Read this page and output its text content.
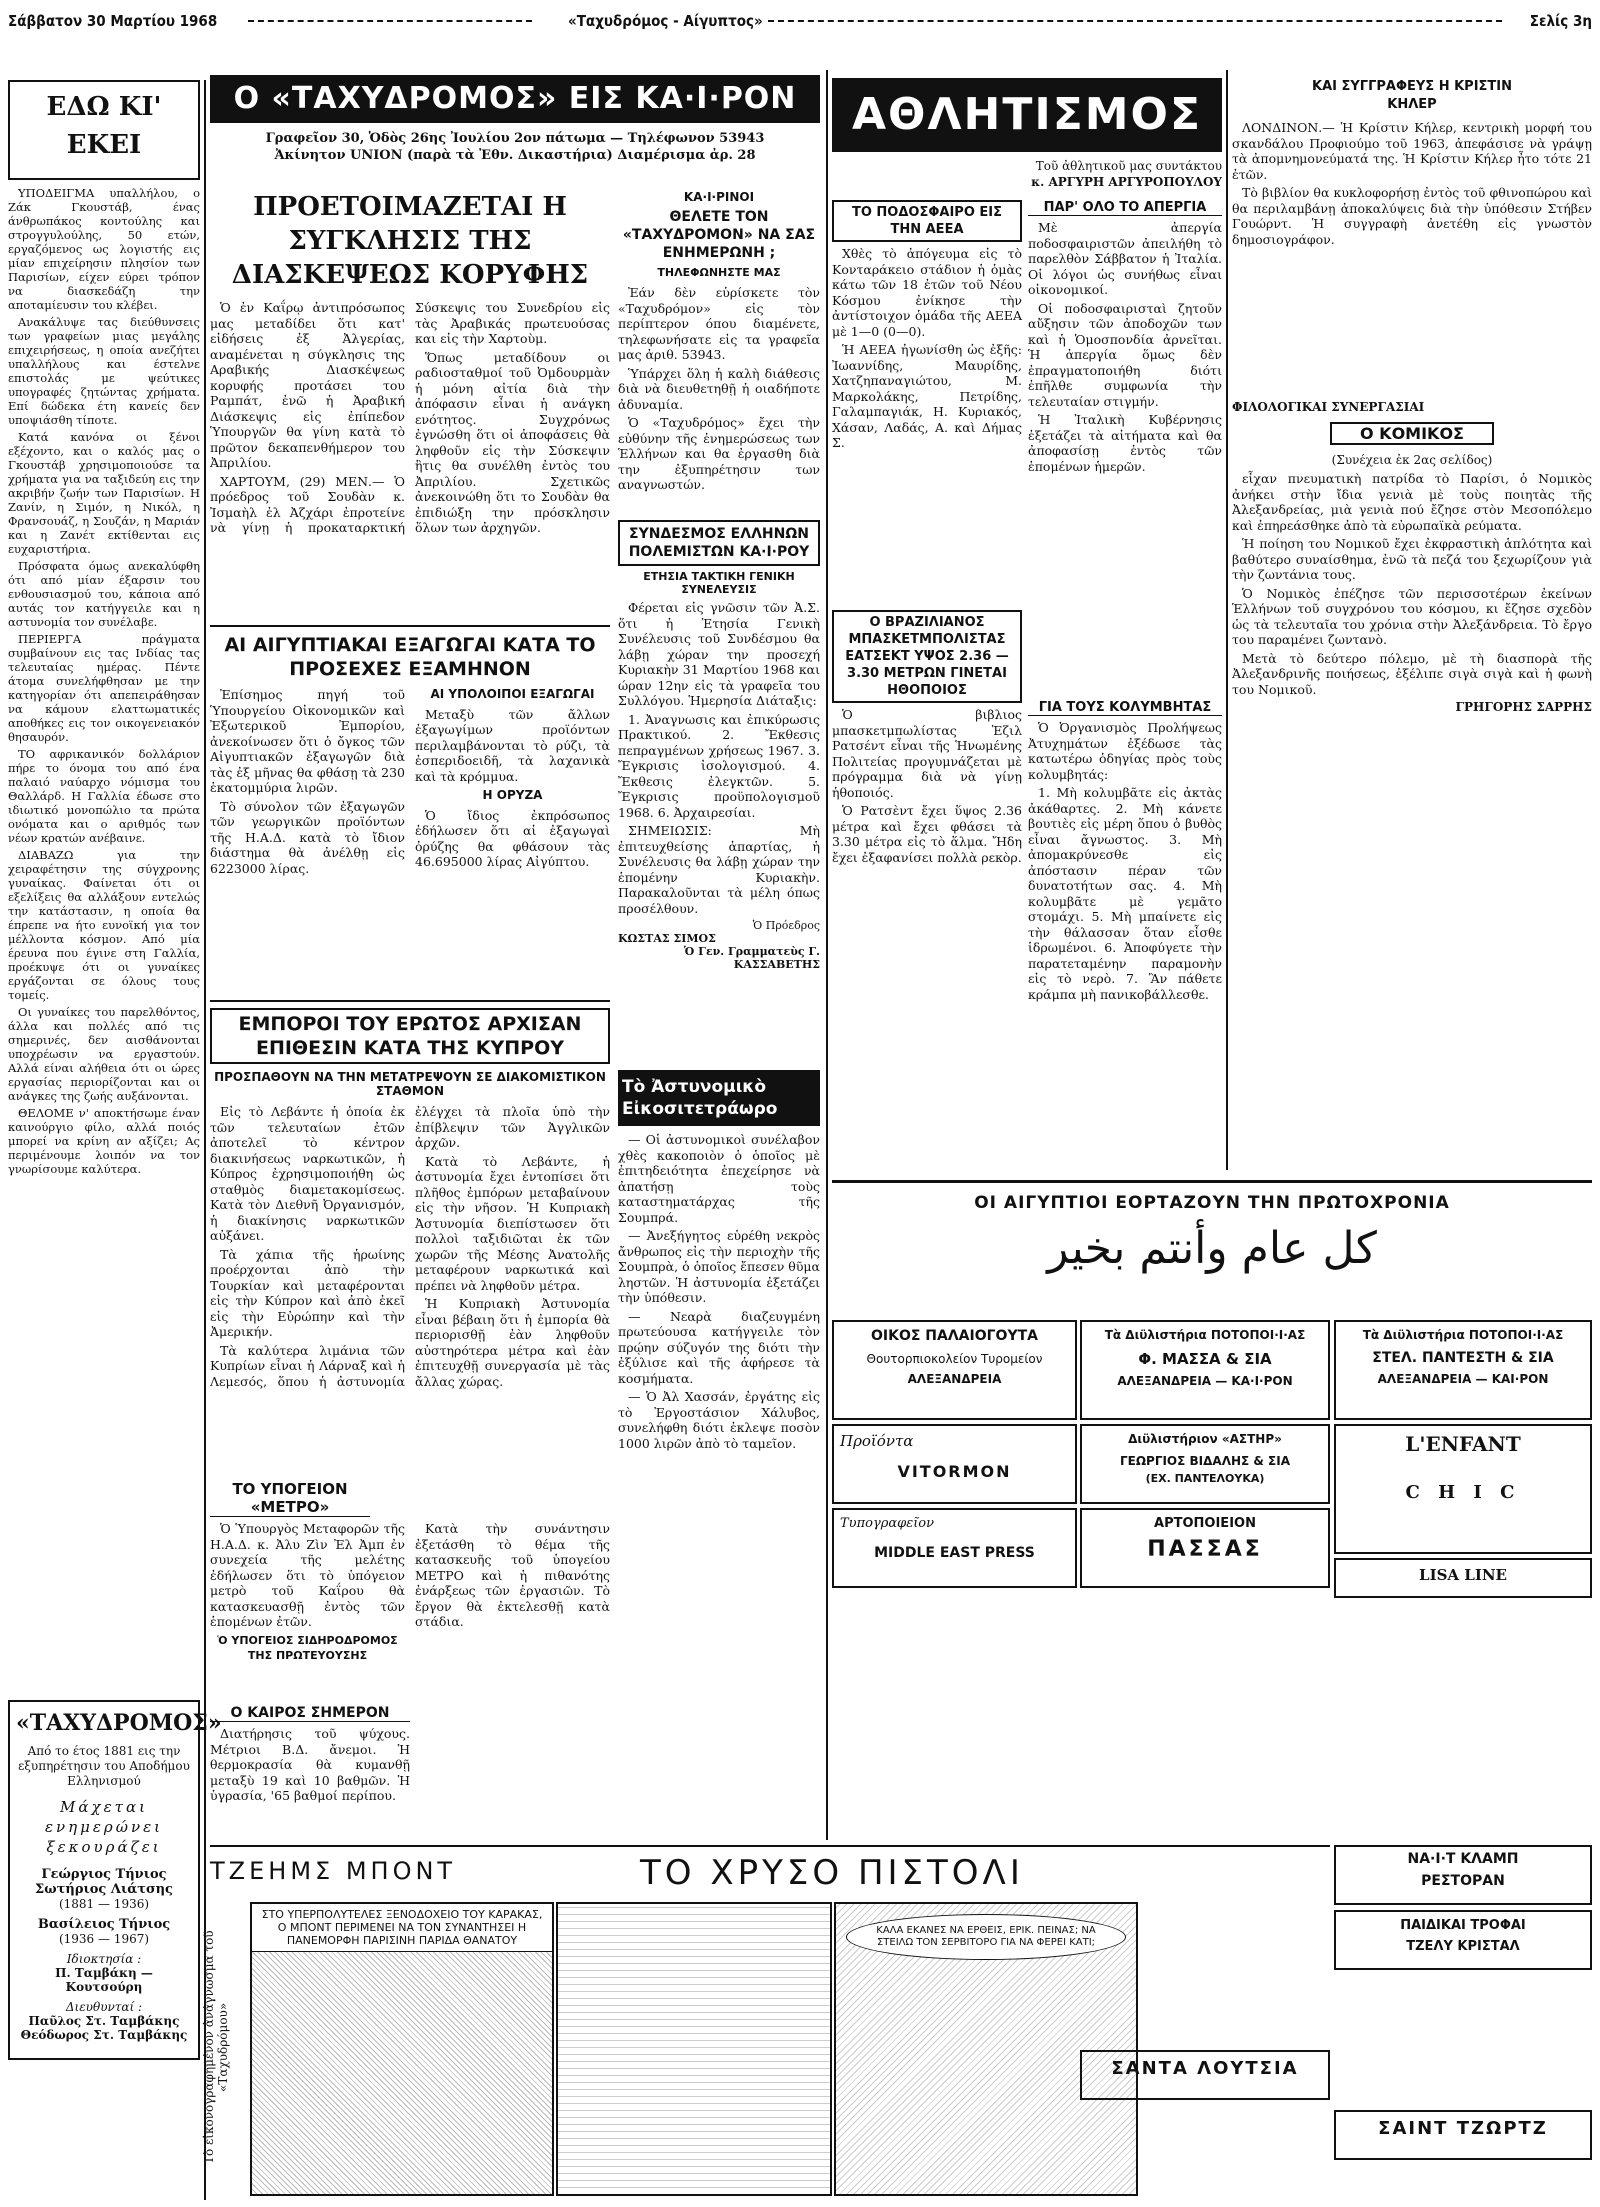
Σάββατον 30 Μαρτίου 1968	«Ταχυδρόμος - Αίγυπτος»	Σελίς 3η
ΕΔΩ ΚΙ' ΕΚΕΙ

ΥΠΟΔΕΙΓΜΑ υπαλλήλου, ο Ζάκ Γκουστάβ, ένας άνθρωπάκος κοντούλης και στρογγυλούλης, 50 ετών, εργαζόμενος ως λογιστής εις μίαν επιχείρησιν πλησίον των Παρισίων, είχεν εύρει τρόπον να διασκεδάζη την αποταμίευσιν του κλέβει.

Ανακάλυψε τας διεύθυνσεις των γραφείων μιας μεγάλης επιχειρήσεως, η οποία ανεζήτει υπαλλήλους και έστελνε επιστολάς με ψεύτικες υπογραφές ζητώντας χρήματα. Επί δώδεκα έτη κανείς δεν υποψιάσθη τίποτε.

Κατά κανόνα οι ξένοι εξέχοντο, και ο καλός μας ο Γκουστάβ χρησιμοποιούσε τα χρήματα για να ταξιδεύη εις την ακριβήν ζωήν των Παρισίων. Η Ζανίν, η Σιμόν, η Νικόλ, η Φρανσουάζ, η Σουζάν, η Μαριάν και η Ζανέτ εκτίθενται εις ευχαριστήρια.

Πρόσφατα όμως ανεκαλύφθη ότι από μίαν έξαρσιν του ενθουσιασμού του, κάποια από αυτάς τον κατήγγειλε και η αστυνομία τον συνέλαβε.

ΠΕΡΙΕΡΓΑ πράγματα συμβαίνουν εις τας Ινδίας τας τελευταίας ημέρας. Πέντε άτομα συνελήφθησαν με την κατηγορίαν ότι απεπειράθησαν να κάμουν ελαττωματικές αποθήκες εις τον οικογενειακόν θησαυρόν.

ΤΟ αφρικανικόν δολλάριον πήρε το όνομα του από ένα παλαιό ναύαρχο νόμισμα του Θαλλάρδ. Η Γαλλία έδωσε στο ιδιωτικό μονοπώλιο τα πρώτα ονόματα και ο αριθμός των νέων κρατών ανέβαινε.

ΔΙΑΒΑΖΩ για την χειραφέτησιν της σύγχρονης γυναίκας. Φαίνεται ότι οι εξελίξεις θα αλλάξουν εντελώς την κατάστασιν, η οποία θα έπρεπε να ήτο ευνοϊκή για τον μέλλοντα κόσμον. Από μία έρευνα που έγινε στη Γαλλία, προέκυψε ότι οι γυναίκες εργάζονται σε όλους τους τομείς.

Οι γυναίκες του παρελθόντος, άλλα και πολλές από τις σημερινές, δεν αισθάνονται υποχρέωσιν να εργαστούν. Αλλά είναι αλήθεια ότι οι ώρες εργασίας περιορίζονται και οι ανάγκες της ζωής αυξάνονται.

ΘΕΛΟΜΕ ν' αποκτήσωμε έναν καινούργιο φίλο, αλλά ποιός μπορεί να κρίνη αν αξίζει; Ας περιμένουμε λοιπόν να τον γνωρίσουμε καλύτερα.

«ΤΑΧΥΔΡΟΜΟΣ»
Από το έτος 1881 εις την εξυπηρέτησιν του Αποδήμου Ελληνισμού
Μάχεται ενημερώνει ξεκουράζει
Γεώργιος Τήνιος Σωτήριος Λιάτσης
(1881 — 1936)
Βασίλειος Τήνιος
(1936 — 1967)
Ιδιοκτησία :
Π. Ταμβάκη — Κουτσούρη
Διευθυνταί :
Παῦλος Στ. Ταμβάκης Θεόδωρος Στ. Ταμβάκης
Ο «ΤΑΧΥΔΡΟΜΟΣ» ΕΙΣ ΚΑ·Ι·ΡΟΝ
Γραφεῖον 30, Ὁδὸς 26ης Ἰουλίου 2ον πάτωμα — Τηλέφωνον 53943
Ἀκίνητον UNION (παρὰ τὰ Ἐθν. Δικαστήρια) Διαμέρισμα ἀρ. 28
ΠΡΟΕΤΟΙΜΑΖΕΤΑΙ Η ΣΥΓΚΛΗΣΙΣ ΤΗΣ ΔΙΑΣΚΕΨΕΩΣ ΚΟΡΥΦΗΣ

Ὁ ἐν Καΐρῳ ἀντιπρόσωπος μας μεταδίδει ὅτι κατ' εἰδήσεις ἐξ Ἀλγερίας, αναμένεται η σύγκλησις της Αραβικής Διασκέψεως κορυφής προτάσει του Ραμπάτ, ἐνῶ ἡ Ἀραβική Διάσκεψις εἰς ἐπίπεδον Ὑπουργῶν θα γίνη κατὰ τὸ πρῶτον δεκαπενθήμερον του Ἀπριλίου.

ΧΑΡΤΟΥΜ, (29) ΜΕΝ.— Ὁ πρόεδρος τοῦ Σουδὰν κ. Ἰσμαὴλ ἐλ Ἀζχάρι ἐπροτείνε νὰ γίνῃ ἡ προκαταρκτική Σύσκεψις του Συνεδρίου εἰς τὰς Ἀραβικάς πρωτευούσας και εἰς τὴν Χαρτοὺμ.

Ὅπως μεταδίδουν οι ραδιοσταθμοί τοῦ Ὀμδουρμὰν ἡ μόνη αἰτία διὰ τὴν ἀπόφασιν εἶναι ἡ ανάγκη ενότητος. Συγχρόνως ἐγνώσθη ὅτι οἱ ἀποφάσεις θὰ ληφθοῦν εἰς τὴν Σύσκεψιν ἣτις θα συνέλθη ἐντὸς του Ἀπριλίου. Σχετικῶς ἀνεκοινώθη ὅτι το Σουδὰν θα ἐπιδιώξη την πρόσκλησιν ὅλων των ἀρχηγῶν.

ΚΑ·Ι·ΡΙΝΟΙ
ΘΕΛΕΤΕ ΤΟΝ «ΤΑΧΥΔΡΟΜΟΝ» ΝΑ ΣΑΣ ΕΝΗΜΕΡΩΝΗ ;
ΤΗΛΕΦΩΝΗΣΤΕ ΜΑΣ

Ἐάν δὲν εὑρίσκετε τὸν «Ταχυδρόμον» εἰς τὸν περίπτερον όπου διαμένετε, τηλεφωνήσατε εἰς τα γραφεῖα μας ἀριθ. 53943.

Ὑπάρχει ὅλη ἡ καλὴ διάθεσις διὰ νὰ διευθετηθῇ ἡ οιαδήποτε ἀδυναμία.

Ὁ «Ταχυδρόμος» ἔχει τὴν εὐθύνην τῆς ἐνημερώσεως των Ἑλλήνων και θα ἐργασθη διὰ την ἐξυπηρέτησιν των αναγνωστών.

ΣΥΝΔΕΣΜΟΣ ΕΛΛΗΝΩΝ ΠΟΛΕΜΙΣΤΩΝ ΚΑ·Ι·ΡΟΥ
ΕΤΗΣΙΑ ΤΑΚΤΙΚΗ ΓΕΝΙΚΗ ΣΥΝΕΛΕΥΣΙΣ

Φέρεται εἰς γνῶσιν τῶν Ἀ.Σ. ὅτι ἡ Ἐτησία Γενικὴ Συνέλευσις τοῦ Συνδέσμου θα λάβῃ χώραν την προσεχή Κυριακὴν 31 Μαρτίου 1968 και ώραν 12ην εἰς τὰ γραφεῖα του Συλλόγου. Ἡμερησία Διάταξις:

1. Ἀναγνωσις και ἐπικύρωσις Πρακτικού. 2. Ἔκθεσις πεπραγμένων χρήσεως 1967. 3. Ἔγκρισις ἰσολογισμού. 4. Ἔκθεσις ἐλεγκτῶν. 5. Ἔγκρισις προϋπολογισμοῦ 1968. 6. Ἀρχαιρεσίαι.

ΣΗΜΕΙΩΣΙΣ: Μὴ ἐπιτευχθείσης ἀπαρτίας, ἡ Συνέλευσις θα λάβῃ χώραν την ἑπομένην Κυριακὴν. Παρακαλοῦνται τὰ μέλη όπως προσέλθουν.

Ὁ Πρόεδρος
ΚΩΣΤΑΣ ΣΙΜΟΣ
Ὁ Γεν. Γραμματεὺς Γ. ΚΑΣΣΑΒΕΤΗΣ
ΑΙ ΑΙΓΥΠΤΙΑΚΑΙ ΕΞΑΓΩΓΑΙ ΚΑΤΑ ΤΟ ΠΡΟΣΕΧΕΣ ΕΞΑΜΗΝΟΝ

Ἐπίσημος πηγή τοῦ Ὑπουργείου Οἰκονομικῶν καὶ Ἐξωτερικοῦ Ἐμπορίου, ἀνεκοίνωσεν ὅτι ὁ ὄγκος τῶν Αἰγυπτιακῶν ἐξαγωγῶν διὰ τὰς ἐξ μῆνας θα φθάσῃ τὰ 230 ἑκατομμύρια λιρῶν.

Τὸ σύνολον τῶν ἐξαγωγῶν τῶν γεωργικῶν προϊόντων τῆς Η.Α.Δ. κατὰ τὸ ἴδιον διάστημα θὰ ἀνέλθῃ εἰς 6223000 λίρας.

ΑΙ ΥΠΟΛΟΙΠΟΙ ΕΞΑΓΩΓΑΙ

Μεταξὺ τῶν ἄλλων ἐξαγωγίμων προϊόντων περιλαμβάνονται τὸ ρύζι, τὰ ἐσπεριδοειδῆ, τὰ λαχανικὰ καὶ τὰ κρόμμυα.

Η ΟΡΥΖΑ

Ὁ ἴδιος ἐκπρόσωπος ἐδήλωσεν ὅτι αἱ ἐξαγωγαὶ ὀρύζης θα φθάσουν τὰς 46.695000 λίρας Αἰγύπτου.

ΕΜΠΟΡΟΙ ΤΟΥ ΕΡΩΤΟΣ ΑΡΧΙΣΑΝ ΕΠΙΘΕΣΙΝ ΚΑΤΑ ΤΗΣ ΚΥΠΡΟΥ
ΠΡΟΣΠΑΘΟΥΝ ΝΑ ΤΗΝ ΜΕΤΑΤΡΕΨΟΥΝ ΣΕ ΔΙΑΚΟΜΙΣΤΙΚΟΝ ΣΤΑΘΜΟΝ

Εἰς τὸ Λεβάντε ἡ ὁποία ἐκ τῶν τελευταίων ἐτῶν ἀποτελεῖ τὸ κέντρον διακινήσεως ναρκωτικῶν, ἡ Κύπρος ἐχρησιμοποιήθη ὡς σταθμὸς διαμετακομίσεως. Κατὰ τὸν Διεθνῆ Ὀργανισμόν, ἡ διακίνησις ναρκωτικῶν αὐξάνει.

Τὰ χάπια τῆς ἡρωίνης προέρχονται ἀπὸ τὴν Τουρκίαν καὶ μεταφέρονται εἰς τὴν Κύπρον καὶ ἀπὸ ἐκεῖ εἰς τὴν Εὐρώπην καὶ τὴν Ἀμερικήν.

Τὰ καλύτερα λιμάνια τῶν Κυπρίων εἶναι ἡ Λάρναξ καὶ ἡ Λεμεσός, ὅπου ἡ ἀστυνομία ἐλέγχει τὰ πλοῖα ὑπὸ τὴν ἐπίβλεψιν τῶν Ἀγγλικῶν ἀρχῶν.

Κατὰ τὸ Λεβάντε, ἡ ἀστυνομία ἔχει ἐντοπίσει ὅτι πλῆθος ἐμπόρων μεταβαίνουν εἰς τὴν νῆσον. Ἡ Κυπριακὴ Ἀστυνομία διεπίστωσεν ὅτι πολλοὶ ταξιδιῶται ἐκ τῶν χωρῶν τῆς Μέσης Ἀνατολῆς μεταφέρουν ναρκωτικά καὶ πρέπει νὰ ληφθοῦν μέτρα.

Ἡ Κυπριακὴ Ἀστυνομία εἶναι βέβαιη ὅτι ἡ ἐμπορία θὰ περιορισθῇ ἐὰν ληφθοῦν αὐστηρότερα μέτρα καὶ ἐὰν ἐπιτευχθῇ συνεργασία μὲ τὰς ἄλλας χώρας.

ΤΟ ΥΠΟΓΕΙΟΝ «ΜΕΤΡΟ»

Ὁ Ὑπουργὸς Μεταφορῶν τῆς Η.Α.Δ. κ. Ἀλυ Ζὶν Ἐλ Ἀμπ ἐν συνεχεία τῆς μελέτης ἐδήλωσεν ὅτι τὸ ὑπόγειον μετρὸ τοῦ Καΐρου θὰ κατασκευασθῇ ἐντὸς τῶν ἑπομένων ἐτῶν.

Ὁ ΥΠΟΓΕΙΟΣ ΣΙΔΗΡΟΔΡΟΜΟΣ ΤΗΣ ΠΡΩΤΕΥΟΥΣΗΣ

Κατὰ τὴν συνάντησιν ἐξετάσθη τὸ θέμα τῆς κατασκευῆς τοῦ ὑπογείου METPO καὶ ἡ πιθανότης ἐνάρξεως τῶν ἐργασιῶν. Τὸ ἔργον θὰ ἐκτελεσθῇ κατὰ στάδια.

Ο ΚΑΙΡΟΣ ΣΗΜΕΡΟΝ

Διατήρησις τοῦ ψύχους. Μέτριοι Β.Δ. ἄνεμοι. Ἡ θερμοκρασία θὰ κυμανθῇ μεταξὺ 19 καὶ 10 βαθμῶν. Ἡ ὑγρασία, '65 βαθμοί περίπου.

Τὸ Ἀστυνομικὸ Εἰκοσιτετράωρο

— Οἱ ἀστυνομικοὶ συνέλαβον χθὲς κακοποιὸν ὁ ὁποῖος μὲ ἐπιτηδειότητα ἐπεχείρησε νὰ ἀπατήσῃ τοὺς καταστηματάρχας τῆς Σουμπρά.

— Ἀνεξήγητος εὑρέθη νεκρὸς ἄνθρωπος εἰς τὴν περιοχὴν τῆς Σουμπρὰ, ὁ ὁποῖος ἔπεσεν θῦμα ληστῶν. Ἡ ἀστυνομία ἐξετάζει τὴν ὑπόθεσιν.

— Νεαρὰ διαζευγμένη πρωτεύουσα κατήγγειλε τὸν πρῴην σύζυγόν της διότι τὴν ἐξύλισε καὶ τῆς ἀφήρεσε τὰ κοσμήματα.

— Ὁ Ἀλ Χασσάν, ἐργάτης εἰς τὸ Ἐργοστάσιον Χάλυβος, συνελήφθη διότι ἐκλεψε ποσὸν 1000 λιρῶν ἀπὸ τὸ ταμεῖον.

ΑΘΛΗΤΙΣΜΟΣ
Τοῦ ἀθλητικοῦ μας συντάκτου
κ. ΑΡΓΥΡΗ ΑΡΓΥΡΟΠΟΥΛΟΥ
ΤΟ ΠΟΔΟΣΦΑΙΡΟ ΕΙΣ ΤΗΝ ΑΕΕΑ

Χθὲς τὸ ἀπόγευμα εἰς τὸ Κονταράκειο στάδιον ἡ ὁμὰς κάτω τῶν 18 ἐτῶν τοῦ Νέου Κόσμου ἐνίκησε τὴν ἀντίστοιχον ὁμάδα τῆς ΑΕΕΑ μὲ 1—0 (0—0).

Ἡ ΑΕΕΑ ἠγωνίσθη ὡς ἐξῆς: Ἰωαννίδης, Μαυρίδης, Χατζηπαναγιώτου, Μ. Μαρκολάκης, Πετρίδης, Γαλαμπαγιάκ, Η. Κυριακός, Χάσαν, Λαδάς, Α. καὶ Δήμας Σ.

Ο ΒΡΑΖΙΛΙΑΝΟΣ ΜΠΑΣΚΕΤΜΠΟΛΙΣΤΑΣ ΕΑΤΣΕΚΤ ΥΨΟΣ 2.36 — 3.30 ΜΕΤΡΩΝ ΓΙΝΕΤΑΙ ΗΘΟΠΟΙΟΣ

Ὁ βιβλιος μπασκετμπωλίστας Ἐζιλ Ρατσέντ εἶναι τῆς Ἡνωμένης Πολιτείας προγυμνάζεται μὲ πρόγραμμα διὰ νὰ γίνῃ ἡθοποιός.

Ὁ Ρατσὲντ ἔχει ὕψος 2.36 μέτρα καὶ ἔχει φθάσει τὰ 3.30 μέτρα εἰς τὸ ἅλμα. Ἤδη ἔχει ἐξαφανίσει πολλὰ ρεκὸρ.

ΠΑΡ' ΟΛΟ ΤΟ ΑΠΕΡΓΙΑ

Μὲ ἀπεργία ποδοσφαιριστῶν ἀπειλήθη τὸ παρελθὸν Σάββατον ἡ Ἰταλία. Οἱ λόγοι ὡς συνήθως εἶναι οἰκονομικοί.

Οἱ ποδοσφαιρισταὶ ζητοῦν αὔξησιν τῶν ἀποδοχῶν των καὶ ἡ Ὁμοσπονδία ἀρνεῖται. Ἡ ἀπεργία ὅμως δὲν ἐπραγματοποιήθη διότι ἐπῆλθε συμφωνία τὴν τελευταίαν στιγμήν.

Ἡ Ἰταλικὴ Κυβέρνησις ἐξετάζει τὰ αἰτήματα καὶ θα ἀποφασίσῃ ἐντὸς τῶν ἑπομένων ἡμερῶν.

ΓΙΑ ΤΟΥΣ ΚΟΛΥΜΒΗΤΑΣ

Ὁ Ὀργανισμὸς Προλήψεως Ἀτυχημάτων ἐξέδωσε τὰς κατωτέρω ὁδηγίας πρὸς τοὺς κολυμβητάς:

1. Μὴ κολυμβᾶτε εἰς ἀκτὰς ἀκάθαρτες. 2. Μὴ κάνετε βουτιὲς εἰς μέρη ὅπου ὁ βυθὸς εἶναι ἄγνωστος. 3. Μὴ ἀπομακρύνεσθε εἰς ἀπόστασιν πέραν τῶν δυνατοτήτων σας. 4. Μὴ κολυμβᾶτε μὲ γεμᾶτο στομάχι. 5. Μὴ μπαίνετε εἰς τὴν θάλασσαν ὅταν εἶσθε ἱδρωμένοι. 6. Ἀποφύγετε τὴν παρατεταμένην παραμονὴν εἰς τὸ νερὸ. 7. Ἂν πάθετε κράμπα μὴ πανικοβάλλεσθε.

ΚΑΙ ΣΥΓΓΡΑΦΕΥΣ Η ΚΡΙΣΤΙΝ ΚΗΛΕΡ

ΛΟΝΔΙΝΟΝ.— Ἡ Κρίστιν Κήλερ, κεντρικὴ μορφή του σκανδάλου Προφιούμο τοῦ 1963, ἀπεφάσισε νὰ γράψῃ τὰ ἀπομνημονεύματά της. Ἡ Κρίστιν Κήλερ ἦτο τότε 21 ἐτῶν.

Τὸ βιβλίον θα κυκλοφορήσῃ ἐντὸς τοῦ φθινοπώρου καὶ θα περιλαμβάνῃ ἀποκαλύψεις διὰ τὴν ὑπόθεσιν Στήβεν Γουώρντ. Ἡ συγγραφὴ ἀνετέθη εἰς γνωστὸν δημοσιογράφον.

ΦΙΛΟΛΟΓΙΚΑΙ ΣΥΝΕΡΓΑΣΙΑΙ
Ο ΚΟΜΙΚΟΣ
(Συνέχεια ἐκ 2ας σελίδος)

εἶχαν πνευματικὴ πατρίδα τὸ Παρίσι, ὁ Νομικὸς ἀνήκει στὴν ἴδια γενιὰ μὲ τοὺς ποιητὰς τῆς Ἀλεξανδρείας, μιὰ γενιὰ πού ἔζησε στὸν Μεσοπόλεμο καὶ ἐπηρεάσθηκε ἀπὸ τὰ εὐρωπαϊκὰ ρεύματα.

Ἡ ποίηση του Νομικοῦ ἔχει ἐκφραστικὴ ἁπλότητα καὶ βαθύτερο συναίσθημα, ἐνῶ τὰ πεζά του ξεχωρίζουν γιὰ τὴν ζωντάνια τους.

Ὁ Νομικὸς ἐπέζησε τῶν περισσοτέρων ἐκείνων Ἑλλήνων τοῦ συγχρόνου του κόσμου, κι ἔζησε σχεδὸν ὡς τὰ τελευταῖα του χρόνια στὴν Ἀλεξάνδρεια. Τὸ ἔργο του παραμένει ζωντανὸ.

Μετὰ τὸ δεύτερο πόλεμο, μὲ τὴ διασπορὰ τῆς Ἀλεξανδρινῆς ποιήσεως, ἐξέλιπε σιγὰ σιγὰ καὶ ἡ φωνὴ του Νομικοῦ.

ΓΡΗΓΟΡΗΣ ΣΑΡΡΗΣ
ΟΙ ΑΙΓΥΠΤΙΟΙ ΕΟΡΤΑΖΟΥΝ ΤΗΝ ΠΡΩΤΟΧΡΟΝΙΑ
كل عام وأنتم بخير
ΟΙΚΟΣ ΠΑΛΑΙΟΓΟΥΤΑ
Θουτορπιοκολείον Τυρομείον
ΑΛΕΞΑΝΔΡΕΙΑ
Τὰ Διϋλιστήρια ΠΟΤΟΠΟΙ·Ι·ΑΣ
Φ. ΜΑΣΣΑ & ΣΙΑ
ΑΛΕΞΑΝΔΡΕΙΑ — ΚΑ·Ι·ΡΟΝ
Τὰ Διϋλιστήρια ΠΟΤΟΠΟΙ·Ι·ΑΣ
ΣΤΕΛ. ΠΑΝΤΕΣΤΗ & ΣΙΑ
ΑΛΕΞΑΝΔΡΕΙΑ — ΚΑΙ·ΡΟΝ
Προϊόντα
VITORMON
Διϋλιστήριον «ΑΣΤΗΡ»
ΓΕΩΡΓΙΟΣ ΒΙΔΑΛΗΣ & ΣΙΑ
(ΕΧ. ΠΑΝΤΕΛΟΥΚΑ)
L'ENFANT
C H I C
Τυπογραφεῖον
MIDDLE EAST PRESS
ΑΡΤΟΠΟΙΕΙΟΝ
ΠΑΣΣΑΣ
LISA LINE
ΤΖΕΗΜΣ ΜΠΟΝΤ	ΤΟ ΧΡΥΣΟ ΠΙΣΤΟΛΙ
Τὸ εἰκονογραφημένον ἀνάγνωσμα τοῦ «Ταχυδρόμου»
ΣΤΟ ΥΠΕΡΠΟΛΥΤΕΛΕΣ ΞΕΝΟΔΟΧΕΙΟ ΤΟΥ ΚΑΡΑΚΑΣ, Ο ΜΠΟΝΤ ΠΕΡΙΜΕΝΕΙ ΝΑ ΤΟΝ ΣΥΝΑΝΤΗΣΕΙ Η ΠΑΝΕΜΟΡΦΗ ΠΑΡΙΣΙΝΗ ΠΑΡΙΔΑ ΘΑΝΑΤΟΥ
ΚΑΛΑ ΕΚΑΝΕΣ ΝΑ ΕΡΘΕΙΣ, ΕΡΙΚ. ΠΕΙΝΑΣ; ΝΑ ΣΤΕΙΛΩ ΤΟΝ ΣΕΡΒΙΤΟΡΟ ΓΙΑ ΝΑ ΦΕΡΕΙ ΚΑΤΙ;
ΝΑ·Ι·Τ ΚΛΑΜΠ
ΡΕΣΤΟΡΑΝ
ΠΑΙΔΙΚΑΙ ΤΡΟΦΑΙ
ΤΖΕΛΥ ΚΡΙΣΤΑΛ
ΣΑΝΤΑ ΛΟΥΤΣΙΑ
ΣΑΙΝΤ ΤΖΩΡΤΖ
